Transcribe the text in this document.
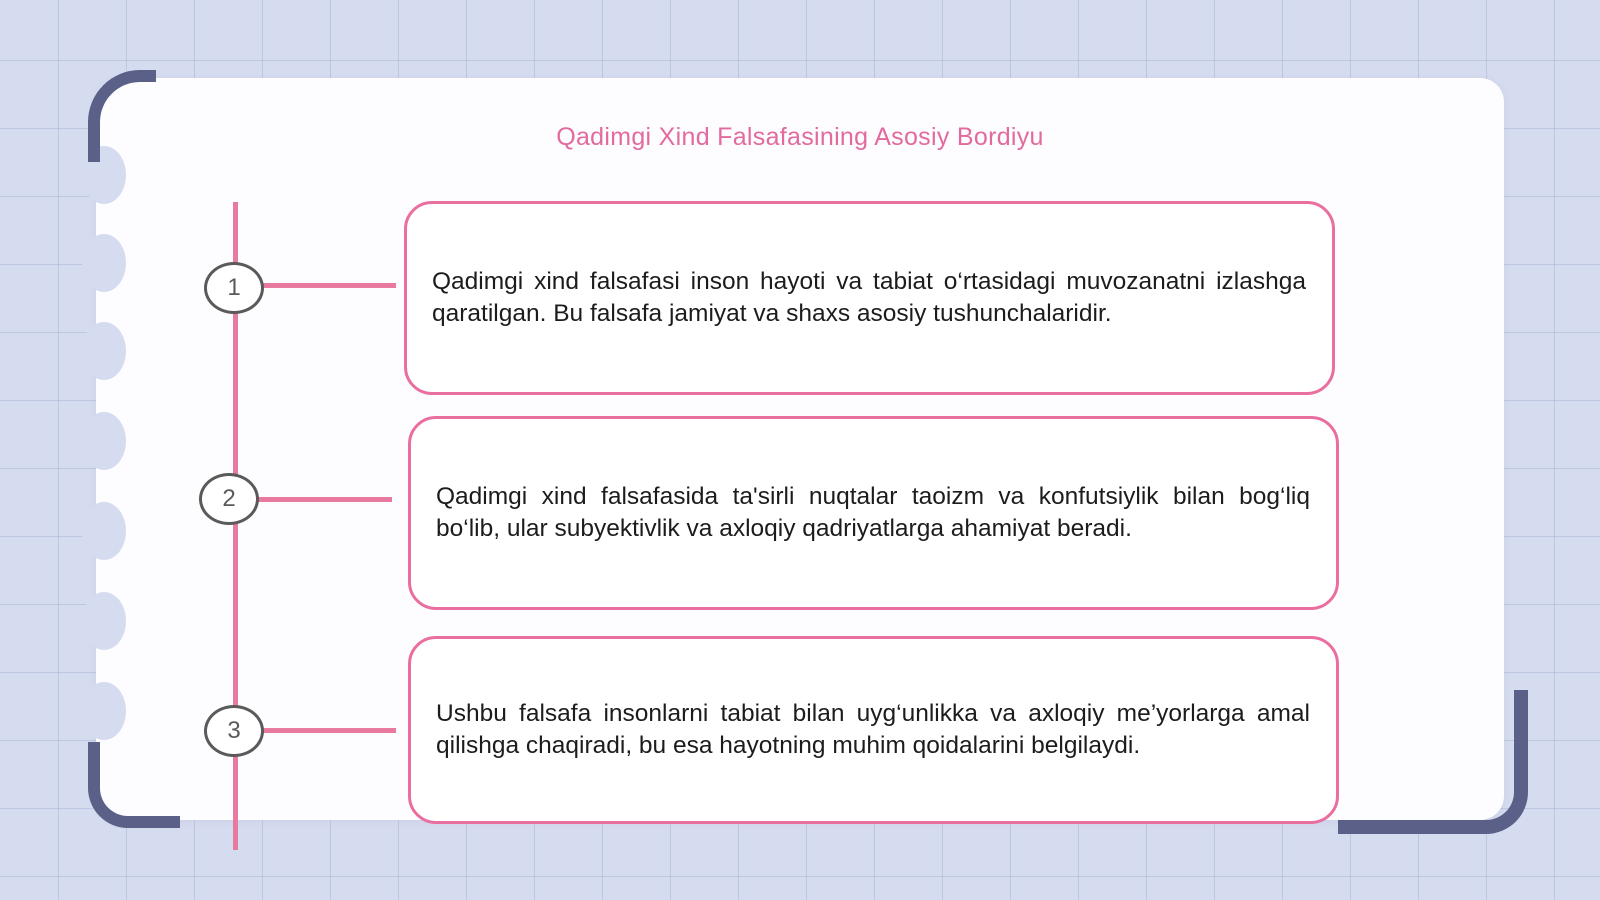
Qadimgi Xind Falsafasining Asosiy Bordiyu
1
2
3
Qadimgi xind falsafasi inson hayoti va tabiat o‘rtasidagi muvozanatni izlashga qaratilgan. Bu falsafa jamiyat va shaxs asosiy tushunchalaridir.
Qadimgi xind falsafasida ta'sirli nuqtalar taoizm va konfutsiylik bilan bog‘liq bo‘lib, ular subyektivlik va axloqiy qadriyatlarga ahamiyat beradi.
Ushbu falsafa insonlarni tabiat bilan uyg‘unlikka va axloqiy me’yorlarga amal qilishga chaqiradi, bu esa hayotning muhim qoidalarini belgilaydi.
